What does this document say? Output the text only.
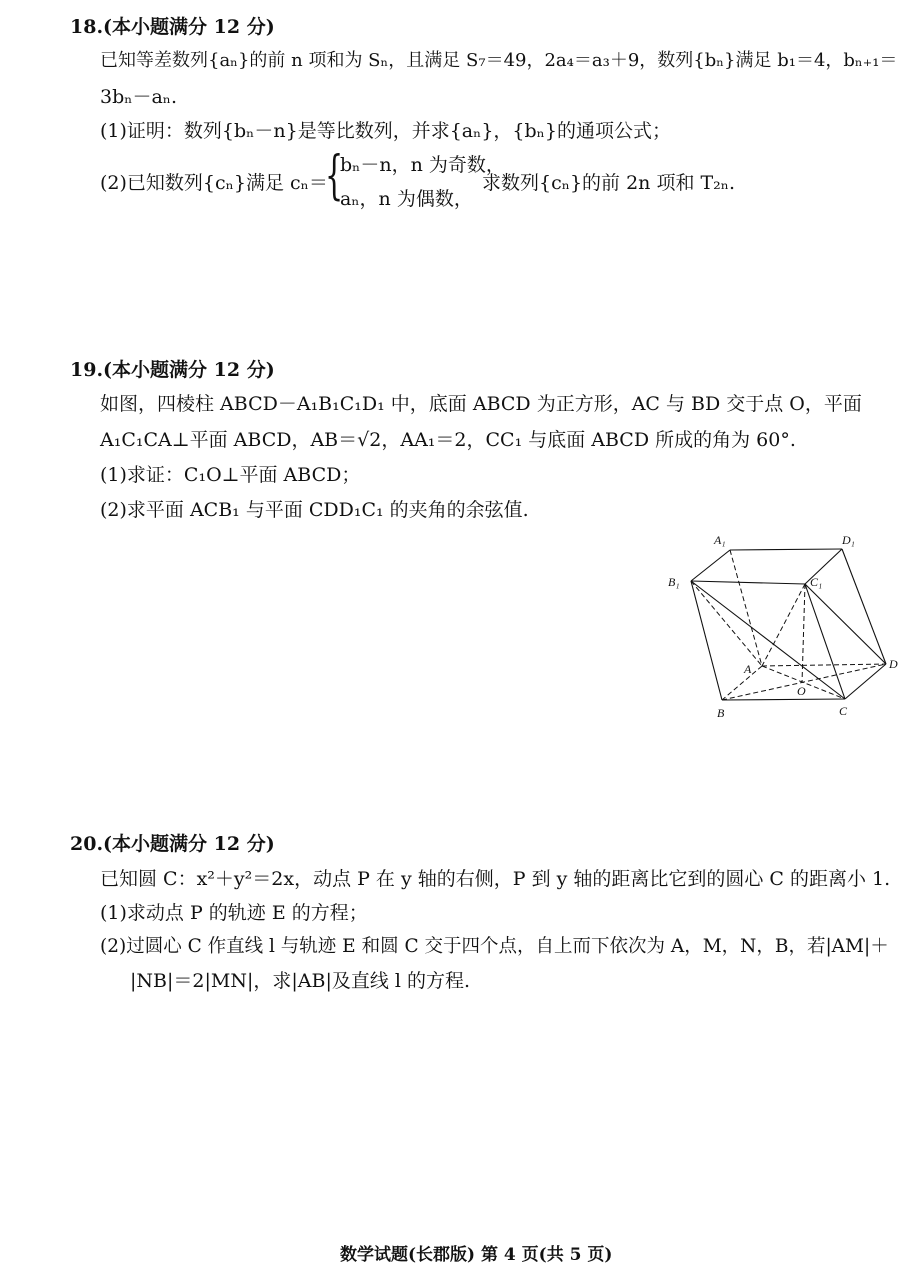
18.(本小题满分 12 分)
已知等差数列{aₙ}的前 n 项和为 Sₙ，且满足 S₇＝49，2a₄＝a₃＋9，数列{bₙ}满足 b₁＝4，bₙ₊₁＝
3bₙ－aₙ.
(1)证明：数列{bₙ－n}是等比数列，并求{aₙ}，{bₙ}的通项公式；
(2)已知数列{cₙ}满足 cₙ＝
{
bₙ－n，n 为奇数，
aₙ，n 为偶数，
求数列{cₙ}的前 2n 项和 T₂ₙ.
19.(本小题满分 12 分)
如图，四棱柱 ABCD－A₁B₁C₁D₁ 中，底面 ABCD 为正方形，AC 与 BD 交于点 O，平面
A₁C₁CA⊥平面 ABCD，AB＝√2，AA₁＝2，CC₁ 与底面 ABCD 所成的角为 60°.
(1)求证：C₁O⊥平面 ABCD；
(2)求平面 ACB₁ 与平面 CDD₁C₁ 的夹角的余弦值.
A₁	D₁
B₁	C₁
A	D
O
B	C
20.(本小题满分 12 分)
已知圆 C：x²＋y²＝2x，动点 P 在 y 轴的右侧，P 到 y 轴的距离比它到的圆心 C 的距离小 1.
(1)求动点 P 的轨迹 E 的方程；
(2)过圆心 C 作直线 l 与轨迹 E 和圆 C 交于四个点，自上而下依次为 A，M，N，B，若|AM|＋
|NB|＝2|MN|，求|AB|及直线 l 的方程.
数学试题(长郡版) 第 4 页(共 5 页)
